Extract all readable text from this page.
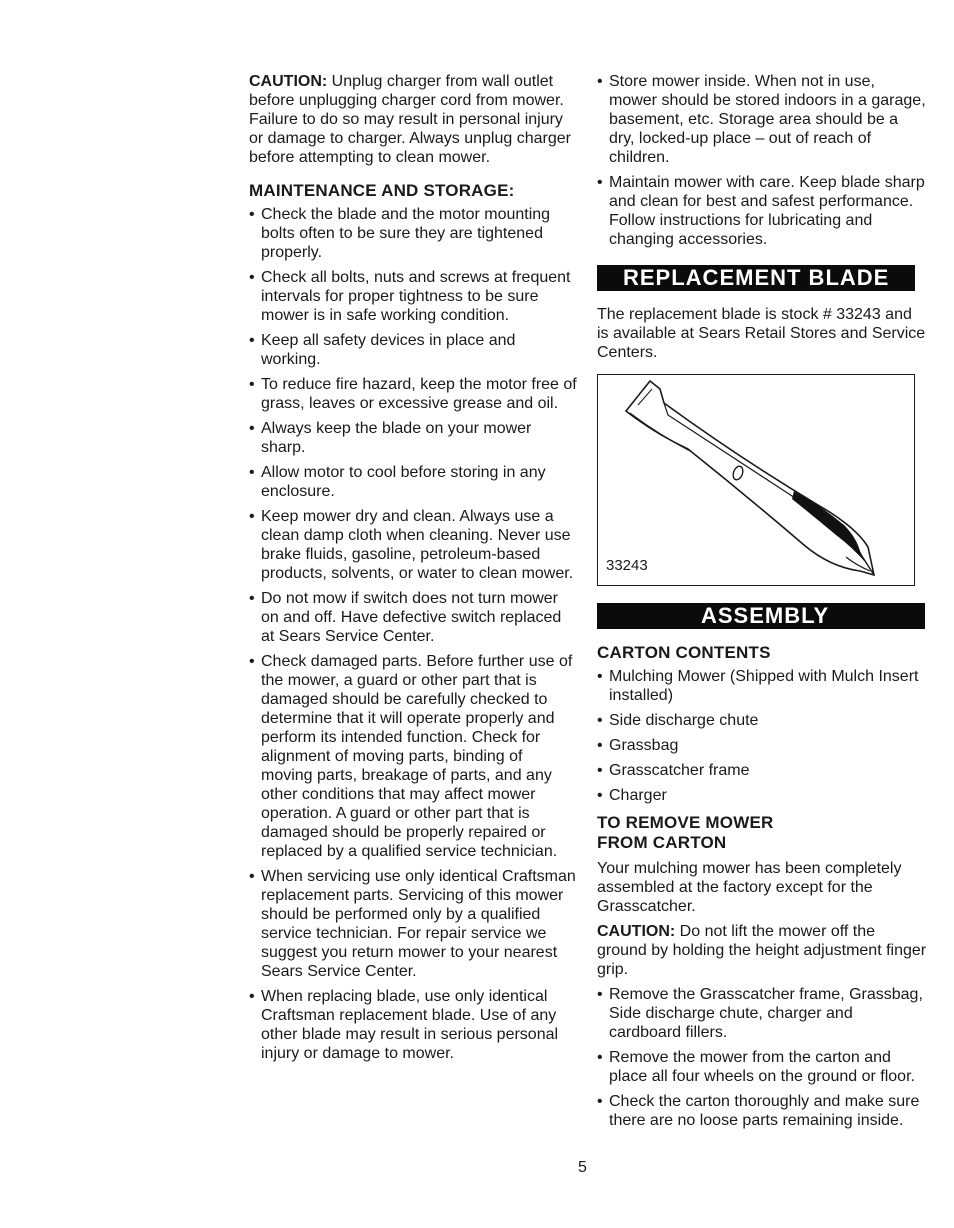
CAUTION: Unplug charger from wall outlet before unplugging charger cord from mower. Failure to do so may result in personal injury or damage to charger. Always unplug charger before attempting to clean mower.

MAINTENANCE AND STORAGE:
• Check the blade and the motor mounting bolts often to be sure they are tightened properly.
• Check all bolts, nuts and screws at frequent intervals for proper tightness to be sure mower is in safe working condition.
• Keep all safety devices in place and working.
• To reduce fire hazard, keep the motor free of grass, leaves or excessive grease and oil.
• Always keep the blade on your mower sharp.
• Allow motor to cool before storing in any enclosure.
• Keep mower dry and clean. Always use a clean damp cloth when cleaning. Never use brake fluids, gasoline, petroleum-based products, solvents, or water to clean mower.
• Do not mow if switch does not turn mower on and off. Have defective switch replaced at Sears Service Center.
• Check damaged parts. Before further use of the mower, a guard or other part that is damaged should be carefully checked to determine that it will operate properly and perform its intended function. Check for alignment of moving parts, binding of moving parts, breakage of parts, and any other conditions that may affect mower operation. A guard or other part that is damaged should be properly repaired or replaced by a qualified service technician.
• When servicing use only identical Craftsman replacement parts. Servicing of this mower should be performed only by a qualified service technician. For repair service we suggest you return mower to your nearest Sears Service Center.
• When replacing blade, use only identical Craftsman replacement blade. Use of any other blade may result in serious personal injury or damage to mower.
• Store mower inside. When not in use, mower should be stored indoors in a garage, basement, etc. Storage area should be a dry, locked-up place – out of reach of children.
• Maintain mower with care. Keep blade sharp and clean for best and safest performance. Follow instructions for lubricating and changing accessories.
REPLACEMENT BLADE

The replacement blade is stock # 33243 and is available at Sears Retail Stores and Service Centers.

33243
ASSEMBLY
CARTON CONTENTS
• Mulching Mower (Shipped with Mulch Insert installed)
• Side discharge chute
• Grassbag
• Grasscatcher frame
• Charger
TO REMOVE MOWER
FROM CARTON

Your mulching mower has been completely assembled at the factory except for the Grasscatcher.

CAUTION: Do not lift the mower off the ground by holding the height adjustment finger grip.

• Remove the Grasscatcher frame, Grassbag, Side discharge chute, charger and cardboard fillers.
• Remove the mower from the carton and place all four wheels on the ground or floor.
• Check the carton thoroughly and make sure there are no loose parts remaining inside.
5
